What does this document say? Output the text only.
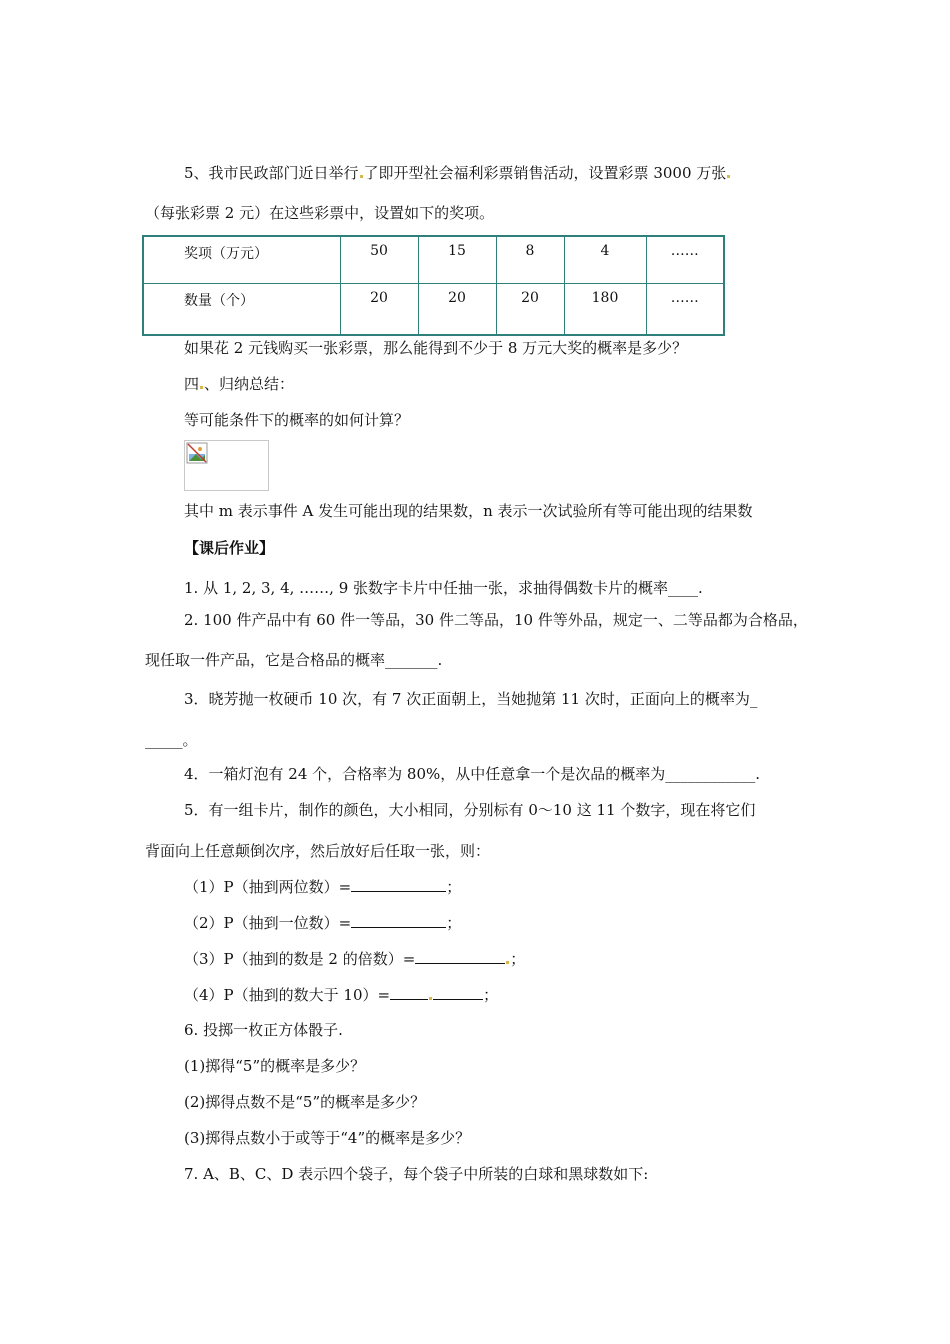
5、我市民政部门近日举行 了即开型社会福利彩票销售活动，设置彩票 3000 万张
（每张彩票 2 元）在这些彩票中，设置如下的奖项。
奖项（万元）	50	15	8	4	……
数量（个）	20	20	20	180	……
如果花 2 元钱购买一张彩票，那么能得到不少于 8 万元大奖的概率是多少？
四 、归纳总结：
等可能条件下的概率的如何计算？
其中 m 表示事件 A 发生可能出现的结果数，n 表示一次试验所有等可能出现的结果数
【课后作业】
1. 从 1, 2, 3, 4, ……, 9 张数字卡片中任抽一张，求抽得偶数卡片的概率____.
2. 100 件产品中有 60 件一等品，30 件二等品，10 件等外品，规定一、二等品都为合格品，
现任取一件产品，它是合格品的概率_______.
3．晓芳抛一枚硬币 10 次，有 7 次正面朝上，当她抛第 11 次时，正面向上的概率为_
_____。
4．一箱灯泡有 24 个，合格率为 80%，从中任意拿一个是次品的概率为____________.
5．有一组卡片，制作的颜色，大小相同，分别标有 0～10 这 11 个数字，现在将它们
背面向上任意颠倒次序，然后放好后任取一张，则：
（1）P（抽到两位数）=	；
（2）P（抽到一位数）=	；
（3）P（抽到的数是 2 的倍数）=	；
（4）P（抽到的数大于 10）=	；
6. 投掷一枚正方体骰子.
(1)掷得“5”的概率是多少？
(2)掷得点数不是“5”的概率是多少？
(3)掷得点数小于或等于“4”的概率是多少？
7. A、B、C、D 表示四个袋子，每个袋子中所装的白球和黑球数如下:
